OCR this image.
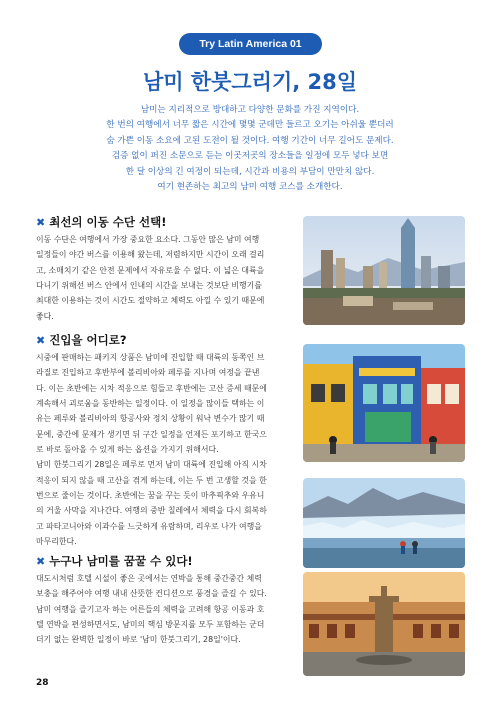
Try Latin America 01
남미 한붓그리기, 28일
남미는 지리적으로 방대하고 다양한 문화를 가진 지역이다.
한 번의 여행에서 너무 짧은 시간에 몇몇 군데만 들르고 오기는 아쉬울 뿐더러
숨 가쁜 이동 소요에 고된 도전이 될 것이다. 여행 기간이 너무 길어도 문제다.
검증 없이 퍼진 소문으로 듣는 이곳저곳의 장소들을 일정에 모두 넣다 보면
한 달 이상의 긴 여정이 되는데, 시간과 비용의 부담이 만만치 않다.
여기 현존하는 최고의 남미 여행 코스를 소개한다.
✖ 최선의 이동 수단 선택!
이동 수단은 여행에서 가장 중요한 요소다. 그동안 많은 남미 여행
일정들이 야간 버스를 이용해 왔는데, 저렴하지만 시간이 오래 걸리
고, 소매치기 같은 안전 문제에서 자유로울 수 없다. 이 넓은 대륙을
다니기 위해선 버스 안에서 인내의 시간을 보내는 것보단 비행기를
최대한 이용하는 것이 시간도 절약하고 체력도 아낄 수 있기 때문에
좋다.
✖ 진입을 어디로?
시중에 판매하는 패키지 상품은 남미에 진입할 때 대륙의 동쪽인 브
라질로 진입하고 후반부에 볼리비아와 페루를 지나며 여정을 끝낸
다. 이는 초반에는 시차 적응으로 힘들고 후반에는 고산 증세 때문에
계속해서 괴로움을 동반하는 일정이다. 이 일정을 많이들 택하는 이
유는 페루와 볼리비아의 항공사와 정치 상황이 워낙 변수가 많기 때
문에, 중간에 문제가 생기면 뒤 구간 일정을 언제든 포기하고 한국으
로 바로 돌아올 수 있게 하는 옵션을 가지기 위해서다.
남미 한붓그리기 28일은 페루로 먼저 남미 대륙에 진입해 아직 시차
적응이 되지 않을 때 고산을 겪게 하는데, 이는 두 번 고생할 것을 한
번으로 줄이는 것이다. 초반에는 꿈을 꾸는 듯이 마추픽추와 우유니
의 거울 사막을 지나간다. 여행의 중반 칠레에서 체력을 다시 회복하
고 파타고니아와 이과수를 느긋하게 유람하며, 리우로 나가 여행을
마무리한다.
✖ 누구나 남미를 꿈꿀 수 있다!
대도시처럼 호텔 시설이 좋은 곳에서는 연박을 통해 중간중간 체력
보충을 해주어야 여행 내내 산뜻한 컨디션으로 풍경을 즐길 수 있다.
남미 여행을 즐기고자 하는 어른들의 체력을 고려해 항공 이동과 호
텔 연박을 편성하면서도, 남미의 핵심 방문지를 모두 포함하는 군더
더기 없는 완벽한 일정이 바로 '남미 한붓그리기, 28일'이다.
28
